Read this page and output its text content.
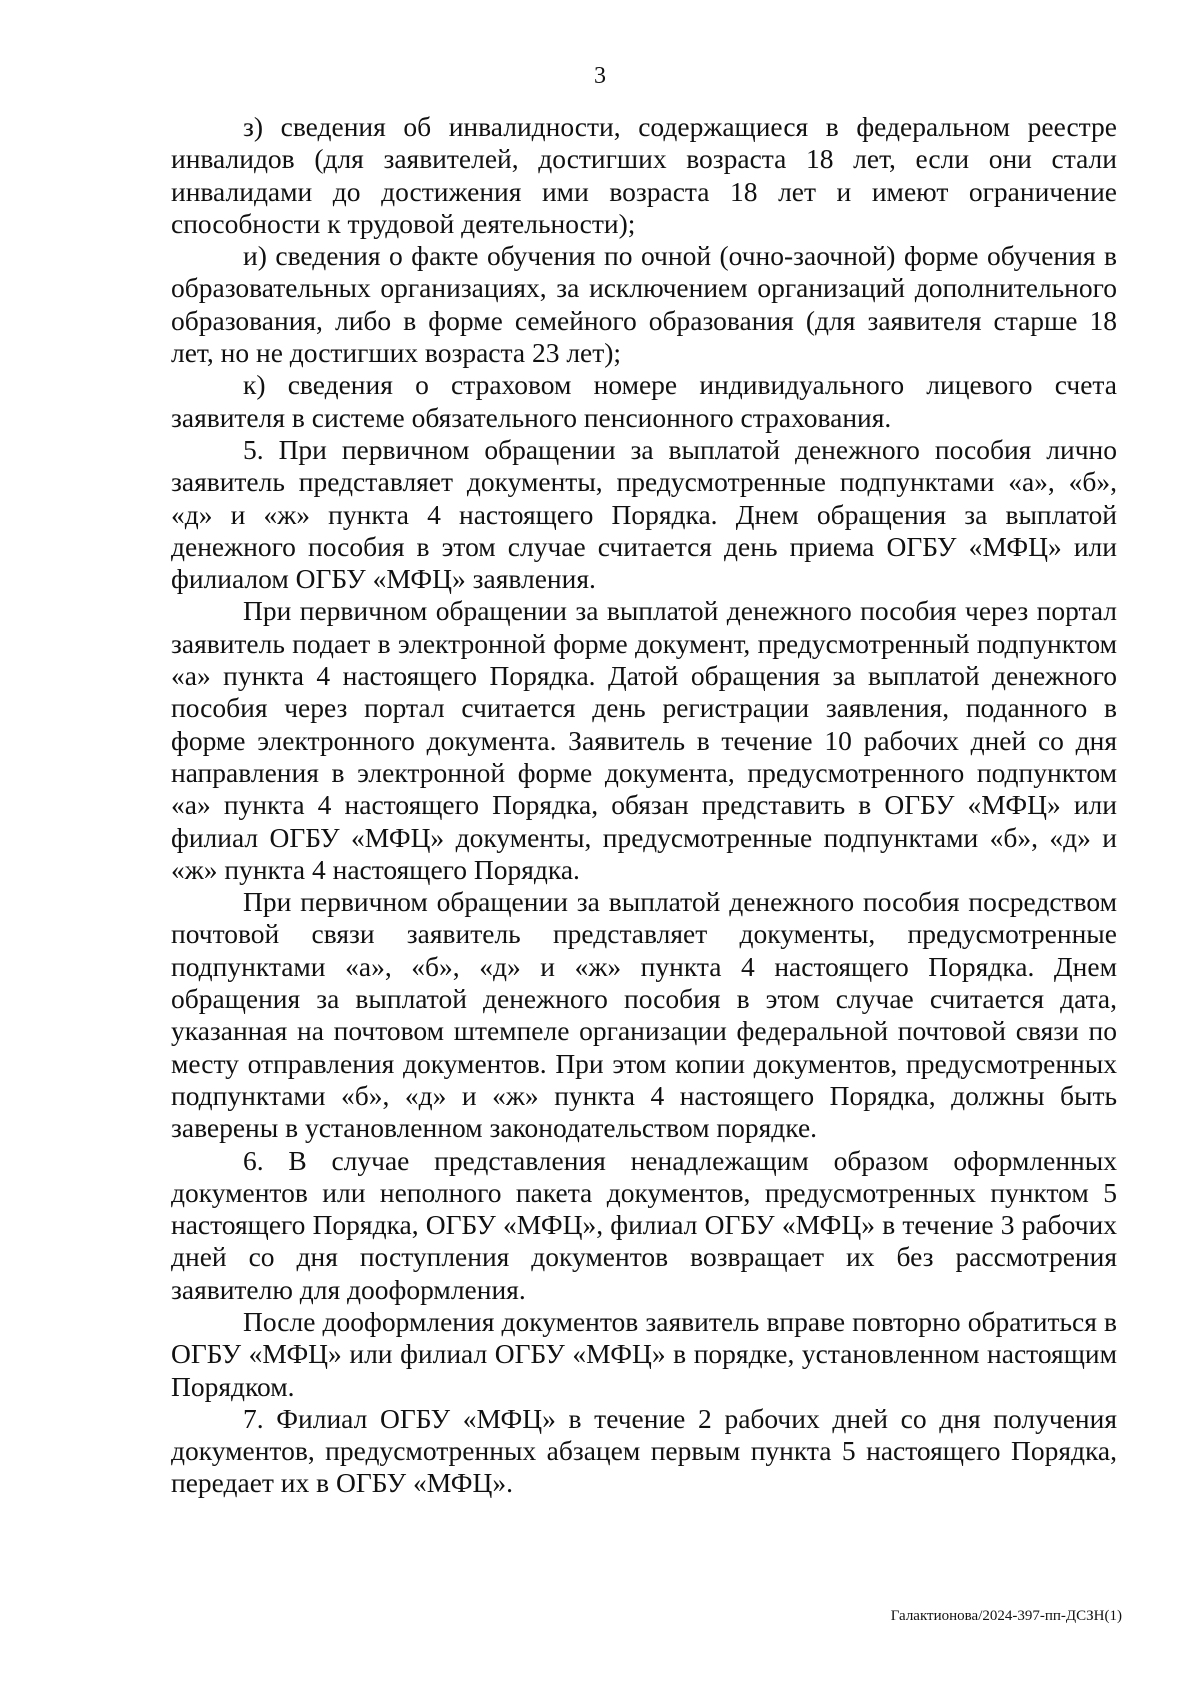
3

з) сведения об инвалидности, содержащиеся в федеральном реестре инвалидов (для заявителей, достигших возраста 18 лет, если они стали инвалидами до достижения ими возраста 18 лет и имеют ограничение способности к трудовой деятельности);

и) сведения о факте обучения по очной (очно-заочной) форме обучения в образовательных организациях, за исключением организаций дополнительного образования, либо в форме семейного образования (для заявителя старше 18 лет, но не достигших возраста 23 лет);

к) сведения о страховом номере индивидуального лицевого счета заявителя в системе обязательного пенсионного страхования.

5. При первичном обращении за выплатой денежного пособия лично заявитель представляет документы, предусмотренные подпунктами «а», «б», «д» и «ж» пункта 4 настоящего Порядка. Днем обращения за выплатой денежного пособия в этом случае считается день приема ОГБУ «МФЦ» или филиалом ОГБУ «МФЦ» заявления.

При первичном обращении за выплатой денежного пособия через портал заявитель подает в электронной форме документ, предусмотренный подпунктом «а» пункта 4 настоящего Порядка. Датой обращения за выплатой денежного пособия через портал считается день регистрации заявления, поданного в форме электронного документа. Заявитель в течение 10 рабочих дней со дня направления в электронной форме документа, предусмотренного подпунктом «а» пункта 4 настоящего Порядка, обязан представить в ОГБУ «МФЦ» или филиал ОГБУ «МФЦ» документы, предусмотренные подпунктами «б», «д» и «ж» пункта 4 настоящего Порядка.

При первичном обращении за выплатой денежного пособия посредством почтовой связи заявитель представляет документы, предусмотренные подпунктами «а», «б», «д» и «ж» пункта 4 настоящего Порядка. Днем обращения за выплатой денежного пособия в этом случае считается дата, указанная на почтовом штемпеле организации федеральной почтовой связи по месту отправления документов. При этом копии документов, предусмотренных подпунктами «б», «д» и «ж» пункта 4 настоящего Порядка, должны быть заверены в установленном законодательством порядке.

6. В случае представления ненадлежащим образом оформленных документов или неполного пакета документов, предусмотренных пунктом 5 настоящего Порядка, ОГБУ «МФЦ», филиал ОГБУ «МФЦ» в течение 3 рабочих дней со дня поступления документов возвращает их без рассмотрения заявителю для дооформления.

После дооформления документов заявитель вправе повторно обратиться в ОГБУ «МФЦ» или филиал ОГБУ «МФЦ» в порядке, установленном настоящим Порядком.

7. Филиал ОГБУ «МФЦ» в течение 2 рабочих дней со дня получения документов, предусмотренных абзацем первым пункта 5 настоящего Порядка, передает их в ОГБУ «МФЦ».

Галактионова/2024-397-пп-ДСЗН(1)
